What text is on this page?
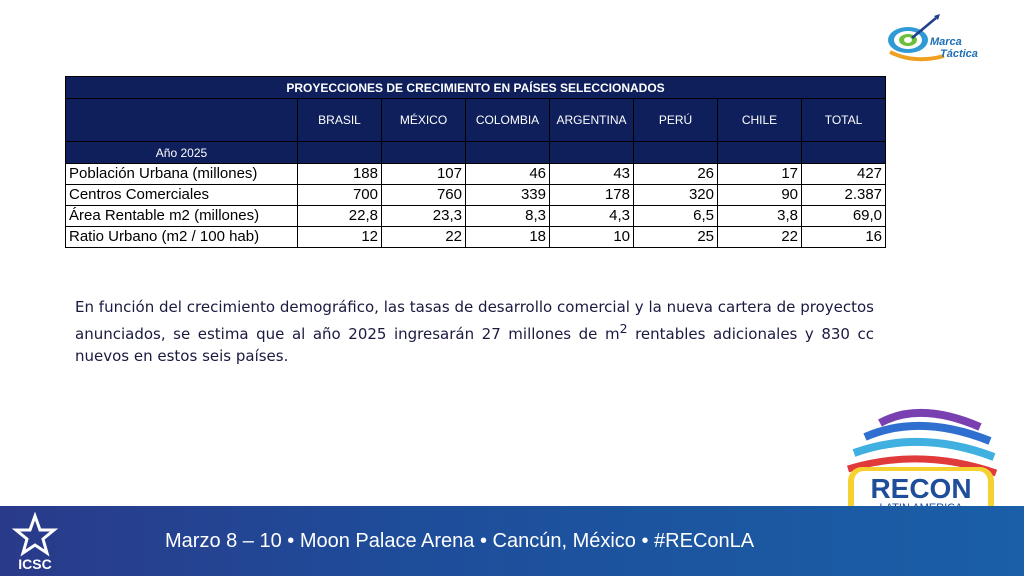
Marca
Táctica
PROYECCIONES DE CRECIMIENTO EN PAÍSES SELECCIONADOS							
	BRASIL	MÉXICO	COLOMBIA	ARGENTINA	PERÚ	CHILE	TOTAL
Año 2025							
Población Urbana (millones)	188	107	46	43	26	17	427
Centros Comerciales	700	760	339	178	320	90	2.387
Área Rentable m2 (millones)	22,8	23,3	8,3	4,3	6,5	3,8	69,0
Ratio Urbano (m2 / 100 hab)	12	22	18	10	25	22	16

En función del crecimiento demográfico, las tasas de desarrollo comercial y la nueva cartera de proyectos anunciados, se estima que al año 2025 ingresarán 27 millones de $m^2$ rentables adicionales y 830 cc nuevos en estos seis países.

RECON
ICSC
Marzo 8 – 10 • Moon Palace Arena • Cancún, México • #REConLA
